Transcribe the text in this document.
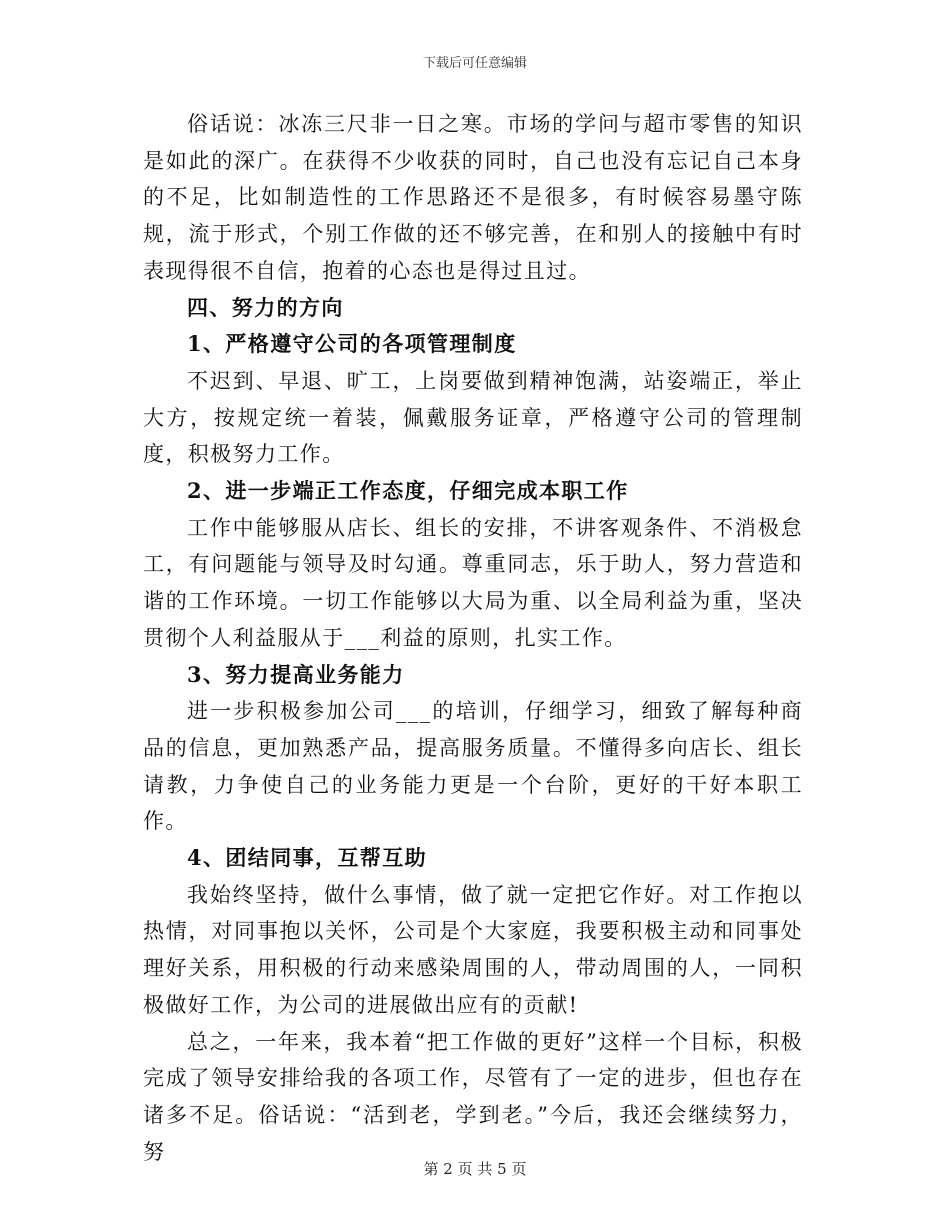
下载后可任意编辑

俗话说：冰冻三尺非一日之寒。市场的学问与超市零售的知识是如此的深广。在获得不少收获的同时，自己也没有忘记自己本身的不足，比如制造性的工作思路还不是很多，有时候容易墨守陈规，流于形式，个别工作做的还不够完善，在和别人的接触中有时表现得很不自信，抱着的心态也是得过且过。

四、努力的方向

1、严格遵守公司的各项管理制度

不迟到、早退、旷工，上岗要做到精神饱满，站姿端正，举止大方，按规定统一着装，佩戴服务证章，严格遵守公司的管理制度，积极努力工作。

2、进一步端正工作态度，仔细完成本职工作

工作中能够服从店长、组长的安排，不讲客观条件、不消极怠工，有问题能与领导及时勾通。尊重同志，乐于助人，努力营造和谐的工作环境。一切工作能够以大局为重、以全局利益为重，坚决贯彻个人利益服从于___利益的原则，扎实工作。

3、努力提高业务能力

进一步积极参加公司___的培训，仔细学习，细致了解每种商品的信息，更加熟悉产品，提高服务质量。不懂得多向店长、组长请教，力争使自己的业务能力更是一个台阶，更好的干好本职工作。

4、团结同事，互帮互助

我始终坚持，做什么事情，做了就一定把它作好。对工作抱以热情，对同事抱以关怀，公司是个大家庭，我要积极主动和同事处理好关系，用积极的行动来感染周围的人，带动周围的人，一同积极做好工作，为公司的进展做出应有的贡献!

总之，一年来，我本着“把工作做的更好”这样一个目标，积极完成了领导安排给我的各项工作，尽管有了一定的进步，但也存在诸多不足。俗话说：“活到老，学到老。”今后，我还会继续努力，努

第 2 页 共 5 页
